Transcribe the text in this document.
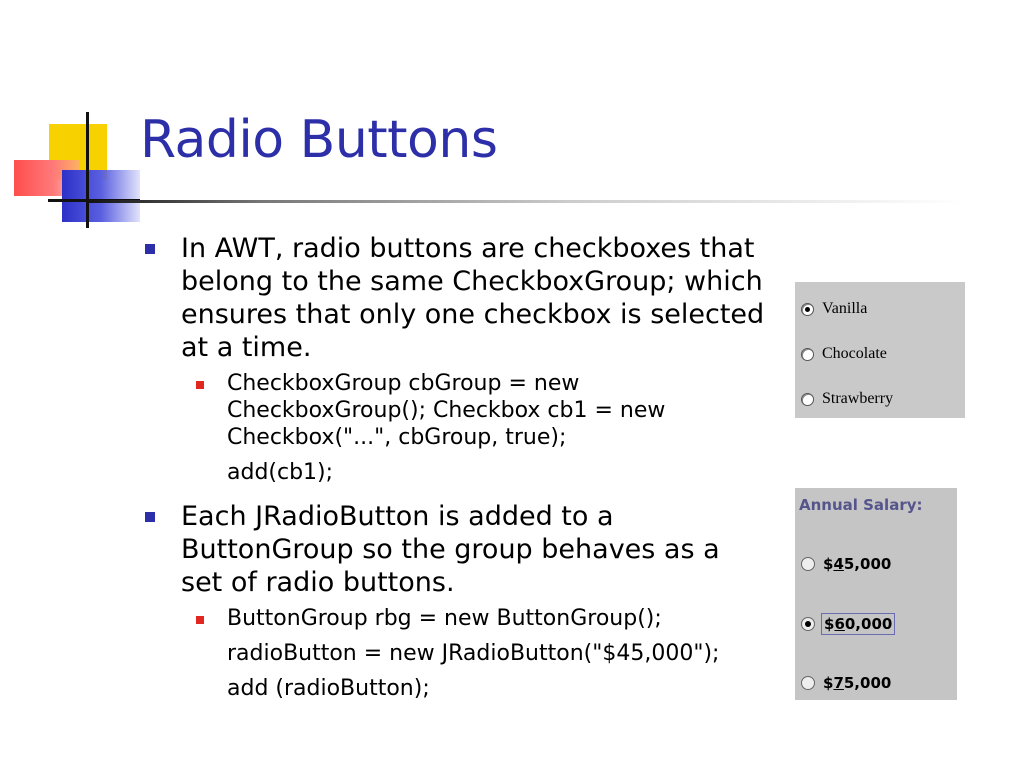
Radio Buttons
In AWT, radio buttons are checkboxes that belong to the same CheckboxGroup; which ensures that only one checkbox is selected at a time.
CheckboxGroup cbGroup = new CheckboxGroup(); Checkbox cb1 = new Checkbox("...", cbGroup, true);
add(cb1);
Each JRadioButton is added to a ButtonGroup so the group behaves as a set of radio buttons.
ButtonGroup rbg = new ButtonGroup();
radioButton = new JRadioButton("$45,000");
add (radioButton);
Vanilla
Chocolate
Strawberry
Annual Salary:
$45,000
$60,000
$75,000
